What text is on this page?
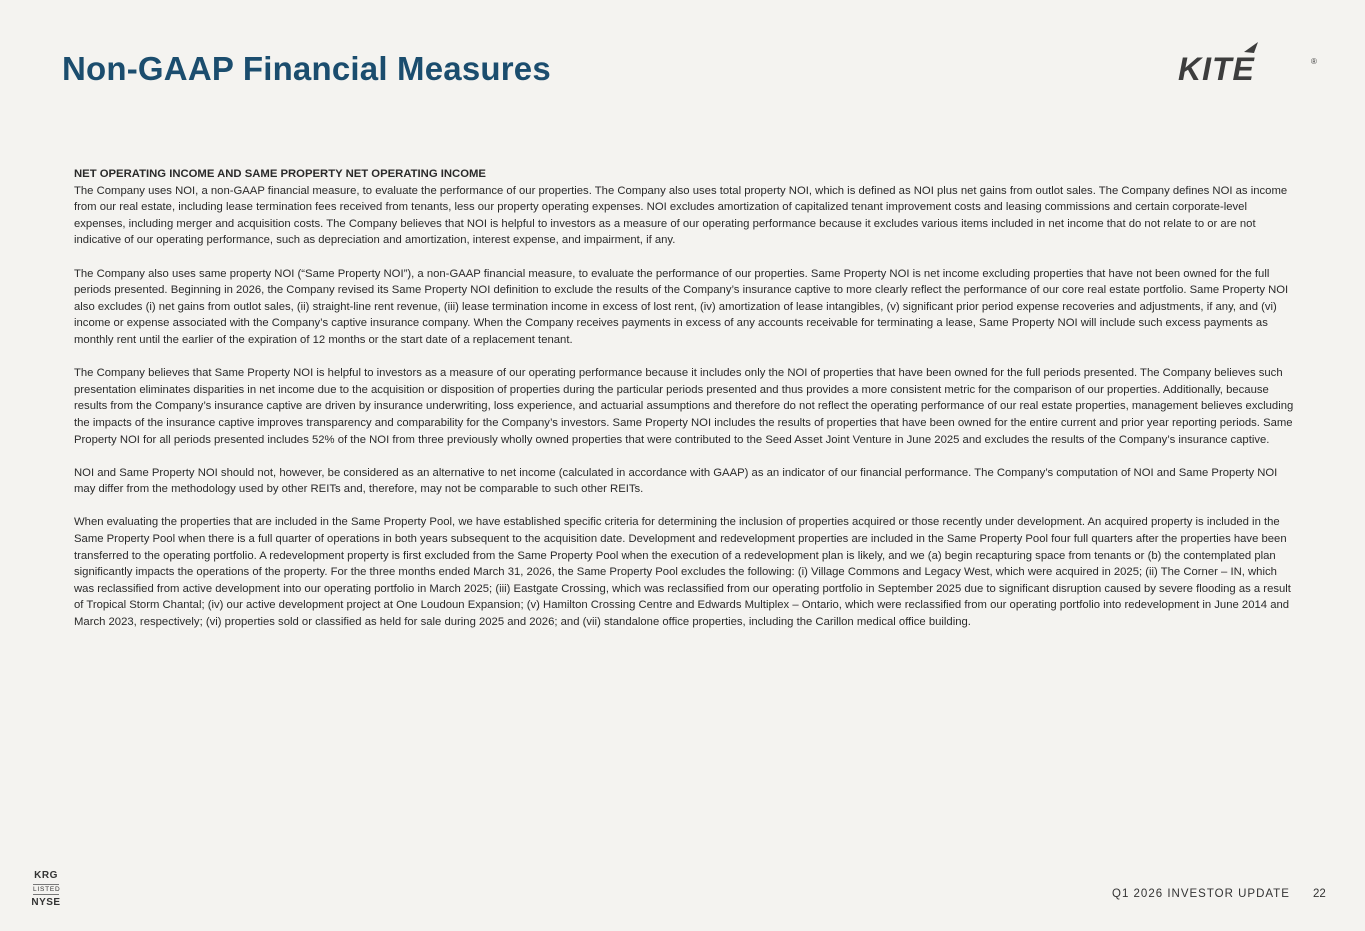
Non-GAAP Financial Measures	KITE	®

NET OPERATING INCOME AND SAME PROPERTY NET OPERATING INCOME

The Company uses NOI, a non-GAAP financial measure, to evaluate the performance of our properties. The Company also uses total property NOI, which is defined as NOI plus net gains from outlot sales. The Company defines NOI as income from our real estate, including lease termination fees received from tenants, less our property operating expenses. NOI excludes amortization of capitalized tenant improvement costs and leasing commissions and certain corporate-level expenses, including merger and acquisition costs. The Company believes that NOI is helpful to investors as a measure of our operating performance because it excludes various items included in net income that do not relate to or are not indicative of our operating performance, such as depreciation and amortization, interest expense, and impairment, if any.

The Company also uses same property NOI (“Same Property NOI”), a non-GAAP financial measure, to evaluate the performance of our properties. Same Property NOI is net income excluding properties that have not been owned for the full periods presented. Beginning in 2026, the Company revised its Same Property NOI definition to exclude the results of the Company’s insurance captive to more clearly reflect the performance of our core real estate portfolio. Same Property NOI also excludes (i) net gains from outlot sales, (ii) straight-line rent revenue, (iii) lease termination income in excess of lost rent, (iv) amortization of lease intangibles, (v) significant prior period expense recoveries and adjustments, if any, and (vi) income or expense associated with the Company’s captive insurance company. When the Company receives payments in excess of any accounts receivable for terminating a lease, Same Property NOI will include such excess payments as monthly rent until the earlier of the expiration of 12 months or the start date of a replacement tenant.

The Company believes that Same Property NOI is helpful to investors as a measure of our operating performance because it includes only the NOI of properties that have been owned for the full periods presented. The Company believes such presentation eliminates disparities in net income due to the acquisition or disposition of properties during the particular periods presented and thus provides a more consistent metric for the comparison of our properties. Additionally, because results from the Company’s insurance captive are driven by insurance underwriting, loss experience, and actuarial assumptions and therefore do not reflect the operating performance of our real estate properties, management believes excluding the impacts of the insurance captive improves transparency and comparability for the Company’s investors. Same Property NOI includes the results of properties that have been owned for the entire current and prior year reporting periods. Same Property NOI for all periods presented includes 52% of the NOI from three previously wholly owned properties that were contributed to the Seed Asset Joint Venture in June 2025 and excludes the results of the Company’s insurance captive.

NOI and Same Property NOI should not, however, be considered as an alternative to net income (calculated in accordance with GAAP) as an indicator of our financial performance. The Company’s computation of NOI and Same Property NOI may differ from the methodology used by other REITs and, therefore, may not be comparable to such other REITs.

When evaluating the properties that are included in the Same Property Pool, we have established specific criteria for determining the inclusion of properties acquired or those recently under development. An acquired property is included in the Same Property Pool when there is a full quarter of operations in both years subsequent to the acquisition date. Development and redevelopment properties are included in the Same Property Pool four full quarters after the properties have been transferred to the operating portfolio. A redevelopment property is first excluded from the Same Property Pool when the execution of a redevelopment plan is likely, and we (a) begin recapturing space from tenants or (b) the contemplated plan significantly impacts the operations of the property. For the three months ended March 31, 2026, the Same Property Pool excludes the following: (i) Village Commons and Legacy West, which were acquired in 2025; (ii) The Corner – IN, which was reclassified from active development into our operating portfolio in March 2025; (iii) Eastgate Crossing, which was reclassified from our operating portfolio in September 2025 due to significant disruption caused by severe flooding as a result of Tropical Storm Chantal; (iv) our active development project at One Loudoun Expansion; (v) Hamilton Crossing Centre and Edwards Multiplex – Ontario, which were reclassified from our operating portfolio into redevelopment in June 2014 and March 2023, respectively; (vi) properties sold or classified as held for sale during 2025 and 2026; and (vii) standalone office properties, including the Carillon medical office building.

KRG
LISTED
NYSE
Q1 2026 INVESTOR UPDATE 22
